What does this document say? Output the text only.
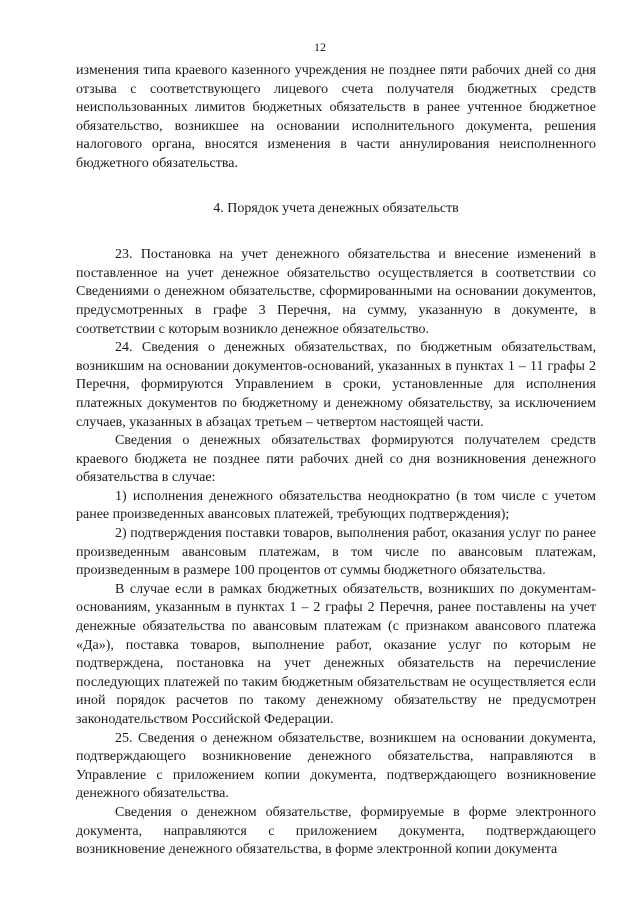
12

изменения типа краевого казенного учреждения не позднее пяти рабочих дней со дня отзыва с соответствующего лицевого счета получателя бюджетных средств неиспользованных лимитов бюджетных обязательств в ранее учтенное бюджетное обязательство, возникшее на основании исполнительного документа, решения налогового органа, вносятся изменения в части аннулирования неисполненного бюджетного обязательства.

4. Порядок учета денежных обязательств

23. Постановка на учет денежного обязательства и внесение изменений в поставленное на учет денежное обязательство осуществляется в соответствии со Сведениями о денежном обязательстве, сформированными на основании документов, предусмотренных в графе 3 Перечня, на сумму, указанную в документе, в соответствии с которым возникло денежное обязательство.

24. Сведения о денежных обязательствах, по бюджетным обязательствам, возникшим на основании документов-оснований, указанных в пунктах 1 – 11 графы 2 Перечня, формируются Управлением в сроки, установленные для исполнения платежных документов по бюджетному и денежному обязательству, за исключением случаев, указанных в абзацах третьем – четвертом настоящей части.

Сведения о денежных обязательствах формируются получателем средств краевого бюджета не позднее пяти рабочих дней со дня возникновения денежного обязательства в случае:

1) исполнения денежного обязательства неоднократно (в том числе с учетом ранее произведенных авансовых платежей, требующих подтверждения);

2) подтверждения поставки товаров, выполнения работ, оказания услуг по ранее произведенным авансовым платежам, в том числе по авансовым платежам, произведенным в размере 100 процентов от суммы бюджетного обязательства.

В случае если в рамках бюджетных обязательств, возникших по документам-основаниям, указанным в пунктах 1 – 2 графы 2 Перечня, ранее поставлены на учет денежные обязательства по авансовым платежам (с признаком авансового платежа «Да»), поставка товаров, выполнение работ, оказание услуг по которым не подтверждена, постановка на учет денежных обязательств на перечисление последующих платежей по таким бюджетным обязательствам не осуществляется если иной порядок расчетов по такому денежному обязательству не предусмотрен законодательством Российской Федерации.

25. Сведения о денежном обязательстве, возникшем на основании документа, подтверждающего возникновение денежного обязательства, направляются в Управление с приложением копии документа, подтверждающего возникновение денежного обязательства.

Сведения о денежном обязательстве, формируемые в форме электронного документа, направляются с приложением документа, подтверждающего возникновение денежного обязательства, в форме электронной копии документа
